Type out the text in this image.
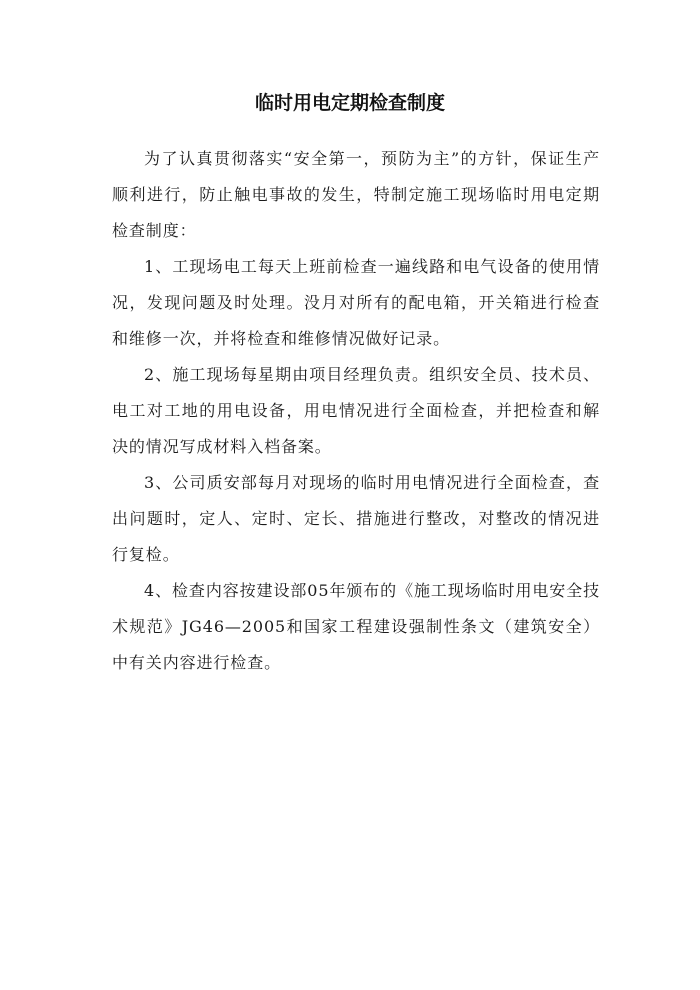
临时用电定期检查制度

为了认真贯彻落实“安全第一，预防为主”的方针，保证生产顺利进行，防止触电事故的发生，特制定施工现场临时用电定期检查制度：

1、工现场电工每天上班前检查一遍线路和电气设备的使用情况，发现问题及时处理。没月对所有的配电箱，开关箱进行检查和维修一次，并将检查和维修情况做好记录。

2、施工现场每星期由项目经理负责。组织安全员、技术员、电工对工地的用电设备，用电情况进行全面检查，并把检查和解决的情况写成材料入档备案。

3、公司质安部每月对现场的临时用电情况进行全面检查，查出问题时，定人、定时、定长、措施进行整改，对整改的情况进行复检。

4、检查内容按建设部05年颁布的《施工现场临时用电安全技术规范》JG46—2005和国家工程建设强制性条文（建筑安全）中有关内容进行检查。
